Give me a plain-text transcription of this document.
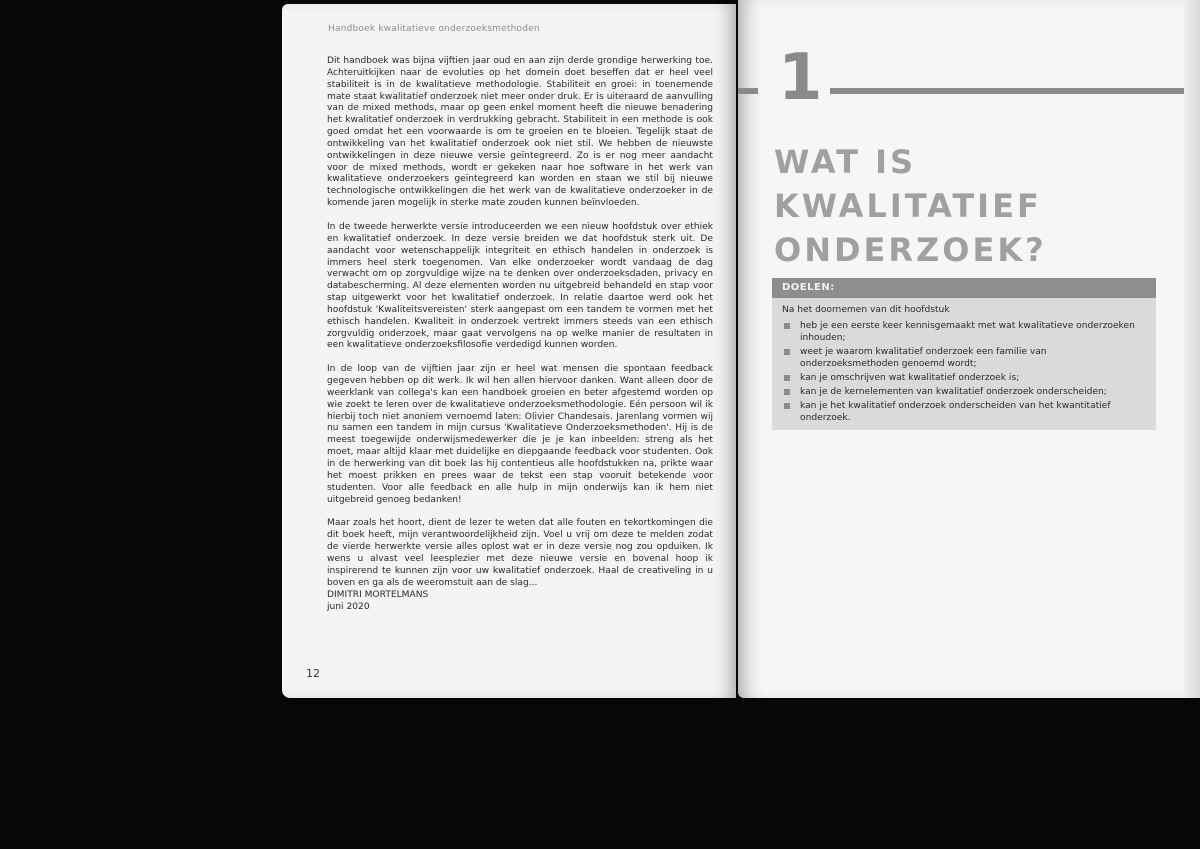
Handboek kwalitatieve onderzoeksmethoden

Dit handboek was bijna vijftien jaar oud en aan zijn derde grondige herwerking toe. Achteruitkijken naar de evoluties op het domein doet beseffen dat er heel veel stabiliteit is in de kwalitatieve methodologie. Stabiliteit en groei: in toenemende mate staat kwalitatief onderzoek niet meer onder druk. Er is uiteraard de aanvulling van de mixed methods, maar op geen enkel moment heeft die nieuwe benadering het kwalitatief onderzoek in verdrukking gebracht. Stabiliteit in een methode is ook goed omdat het een voorwaarde is om te groeien en te bloeien. Tegelijk staat de ontwikkeling van het kwalitatief onderzoek ook niet stil. We hebben de nieuwste ontwikkelingen in deze nieuwe versie geïntegreerd. Zo is er nog meer aandacht voor de mixed methods, wordt er gekeken naar hoe software in het werk van kwalitatieve onderzoekers geïntegreerd kan worden en staan we stil bij nieuwe technologische ontwikkelingen die het werk van de kwalitatieve onderzoeker in de komende jaren mogelijk in sterke mate zouden kunnen beïnvloeden.

In de tweede herwerkte versie introduceerden we een nieuw hoofdstuk over ethiek en kwalitatief onderzoek. In deze versie breiden we dat hoofdstuk sterk uit. De aandacht voor wetenschappelijk integriteit en ethisch handelen in onderzoek is immers heel sterk toegenomen. Van elke onderzoeker wordt vandaag de dag verwacht om op zorgvuldige wijze na te denken over onderzoeksdaden, privacy en databescherming. Al deze elementen worden nu uitgebreid behandeld en stap voor stap uitgewerkt voor het kwalitatief onderzoek. In relatie daartoe werd ook het hoofdstuk 'Kwaliteitsvereisten' sterk aangepast om een tandem te vormen met het ethisch handelen. Kwaliteit in onderzoek vertrekt immers steeds van een ethisch zorgvuldig onderzoek, maar gaat vervolgens na op welke manier de resultaten in een kwalitatieve onderzoeksfilosofie verdedigd kunnen worden.

In de loop van de vijftien jaar zijn er heel wat mensen die spontaan feedback gegeven hebben op dit werk. Ik wil hen allen hiervoor danken. Want alleen door de weerklank van collega's kan een handboek groeien en beter afgestemd worden op wie zoekt te leren over de kwalitatieve onderzoeksmethodologie. Eén persoon wil ik hierbij toch niet anoniem vernoemd laten: Olivier Chandesais. Jarenlang vormen wij nu samen een tandem in mijn cursus 'Kwalitatieve Onderzoeksmethoden'. Hij is de meest toegewijde onderwijsmedewerker die je je kan inbeelden: streng als het moet, maar altijd klaar met duidelijke en diepgaande feedback voor studenten. Ook in de herwerking van dit boek las hij contentieus alle hoofdstukken na, prikte waar het moest prikken en prees waar de tekst een stap vooruit betekende voor studenten. Voor alle feedback en alle hulp in mijn onderwijs kan ik hem niet uitgebreid genoeg bedanken!

Maar zoals het hoort, dient de lezer te weten dat alle fouten en tekortkomingen die dit boek heeft, mijn verantwoordelijkheid zijn. Voel u vrij om deze te melden zodat de vierde herwerkte versie alles oplost wat er in deze versie nog zou opduiken. Ik wens u alvast veel leesplezier met deze nieuwe versie en bovenal hoop ik inspirerend te kunnen zijn voor uw kwalitatief onderzoek. Haal de creativeling in u boven en ga als de weeromstuit aan de slag...

DIMITRI MORTELMANS
juni 2020
12
1
WAT IS KWALITATIEF
ONDERZOEK?
DOELEN:
Na het doornemen van dit hoofdstuk
heb je een eerste keer kennisgemaakt met wat kwalitatieve onderzoeken inhouden;
weet je waarom kwalitatief onderzoek een familie van onderzoeksmethoden genoemd wordt;
kan je omschrijven wat kwalitatief onderzoek is;
kan je de kernelementen van kwalitatief onderzoek onderscheiden;
kan je het kwalitatief onderzoek onderscheiden van het kwantitatief onderzoek.
